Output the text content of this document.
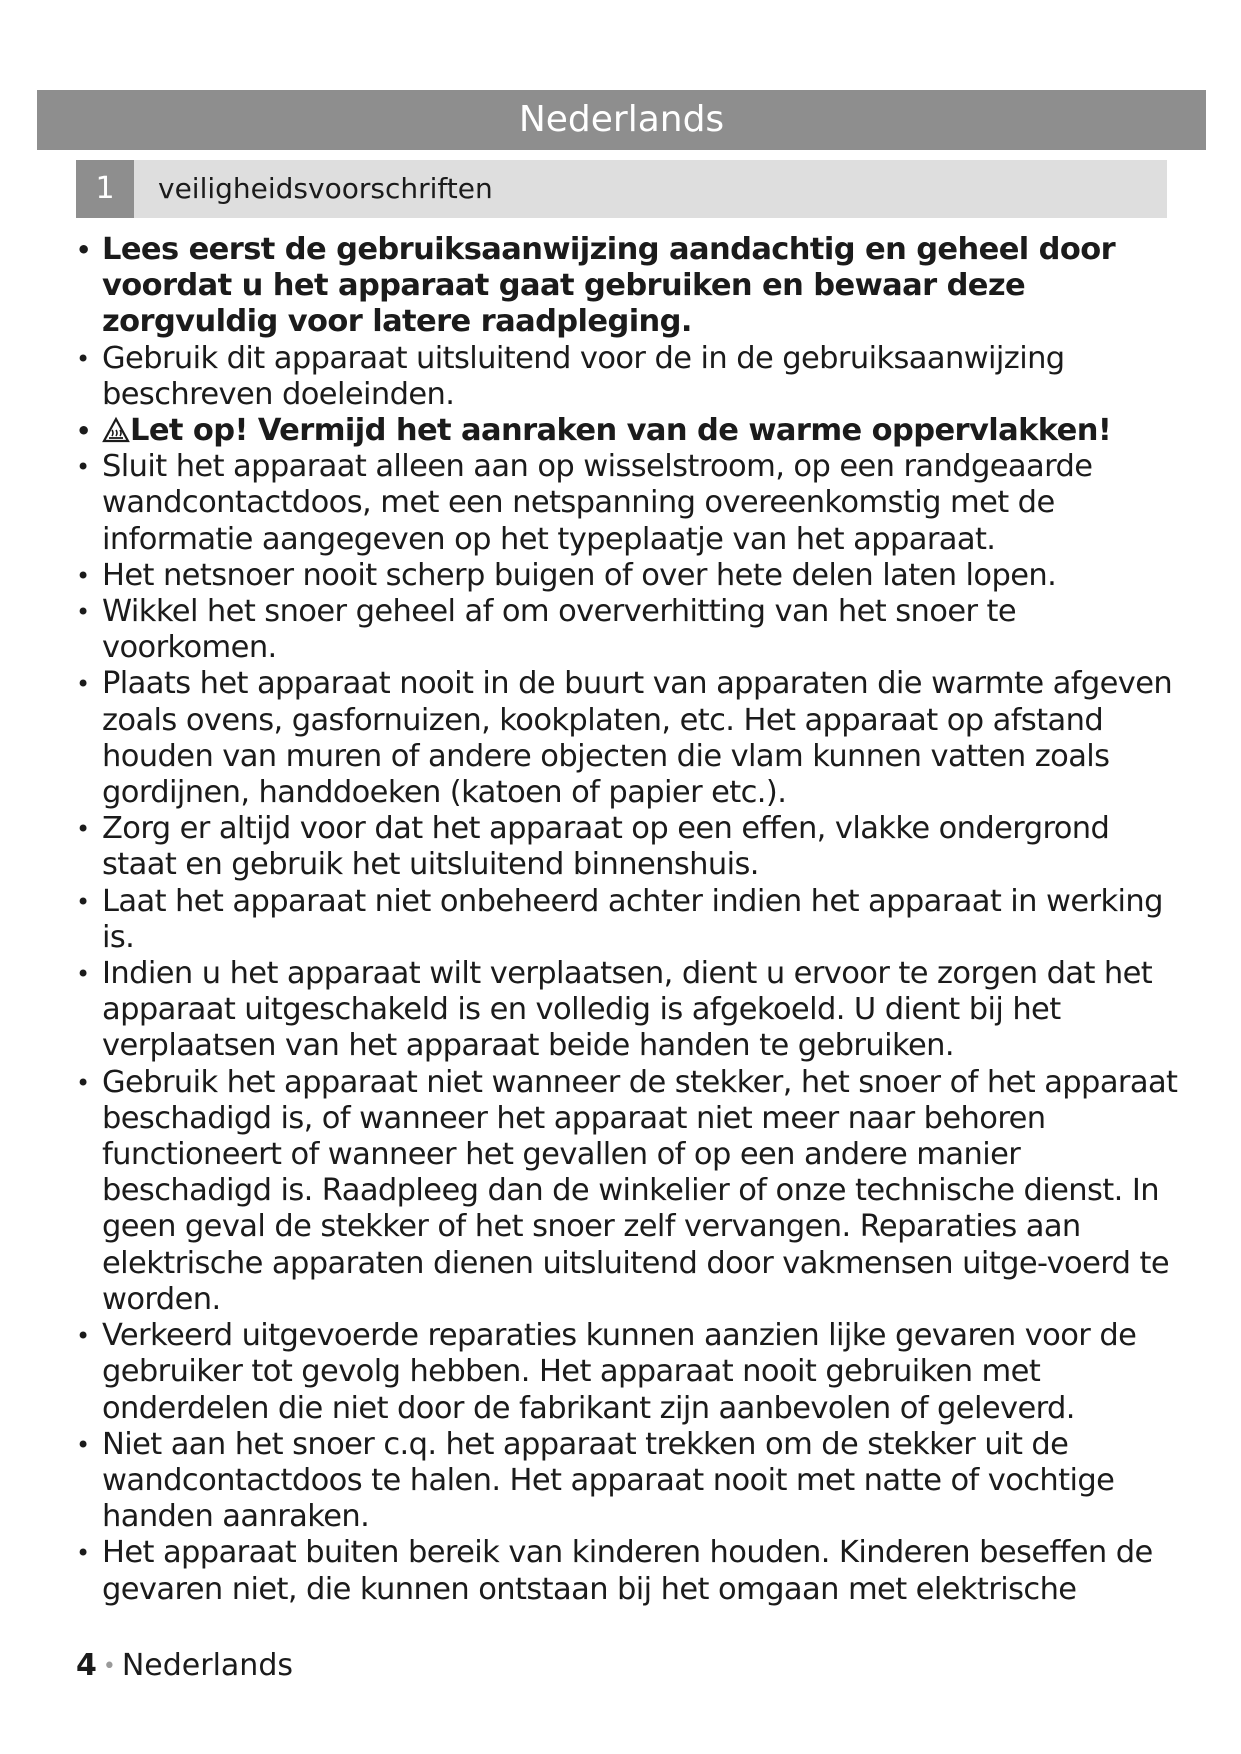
Nederlands
1	veiligheidsvoorschriften
• Lees eerst de gebruiksaanwijzing aandachtig en geheel door voordat u het apparaat gaat gebruiken en bewaar deze zorgvuldig voor latere raadpleging.
• Gebruik dit apparaat uitsluitend voor de in de gebruiksaanwijzing beschreven doeleinden.
• Let op! Vermijd het aanraken van de warme oppervlakken!
• Sluit het apparaat alleen aan op wisselstroom, op een randgeaarde wandcontactdoos, met een netspanning overeenkomstig met de informatie aangegeven op het typeplaatje van het apparaat.
• Het netsnoer nooit scherp buigen of over hete delen laten lopen.
• Wikkel het snoer geheel af om oververhitting van het snoer te voorkomen.
• Plaats het apparaat nooit in de buurt van apparaten die warmte afgeven zoals ovens, gasfornuizen, kookplaten, etc. Het apparaat op afstand houden van muren of andere objecten die vlam kunnen vatten zoals gordijnen, handdoeken (katoen of papier etc.).
• Zorg er altijd voor dat het apparaat op een effen, vlakke ondergrond staat en gebruik het uitsluitend binnenshuis.
• Laat het apparaat niet onbeheerd achter indien het apparaat in werking is.
• Indien u het apparaat wilt verplaatsen, dient u ervoor te zorgen dat het apparaat uitgeschakeld is en volledig is afgekoeld. U dient bij het verplaatsen van het apparaat beide handen te gebruiken.
• Gebruik het apparaat niet wanneer de stekker, het snoer of het apparaat beschadigd is, of wanneer het apparaat niet meer naar behoren functioneert of wanneer het gevallen of op een andere manier beschadigd is. Raadpleeg dan de winkelier of onze technische dienst. In geen geval de stekker of het snoer zelf vervangen. Reparaties aan elektrische apparaten dienen uitsluitend door vakmensen uitge-voerd te worden.
• Verkeerd uitgevoerde reparaties kunnen aanzien lijke gevaren voor de gebruiker tot gevolg hebben. Het apparaat nooit gebruiken met onderdelen die niet door de fabrikant zijn aanbevolen of geleverd.
• Niet aan het snoer c.q. het apparaat trekken om de stekker uit de wandcontactdoos te halen. Het apparaat nooit met natte of vochtige handen aanraken.
• Het apparaat buiten bereik van kinderen houden. Kinderen beseffen de gevaren niet, die kunnen ontstaan bij het omgaan met elektrische
4 • Nederlands
